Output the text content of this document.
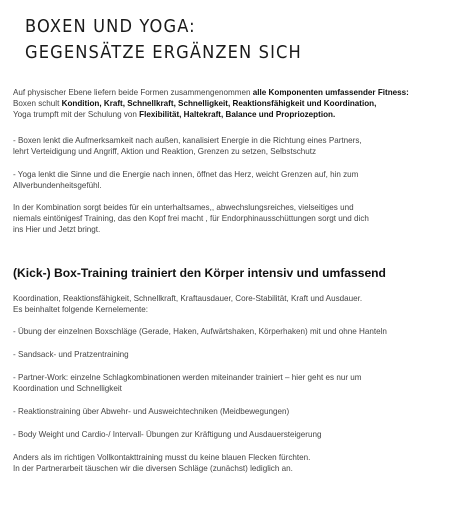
BOXEN UND YOGA:
GEGENSÄTZE ERGÄNZEN SICH
Auf physischer Ebene liefern beide Formen zusammengenommen alle Komponenten umfassender Fitness:
Boxen schult Kondition, Kraft, Schnellkraft, Schnelligkeit, Reaktionsfähigkeit und Koordination,
Yoga trumpft mit der Schulung von Flexibilität, Haltekraft, Balance und Propriozeption.
- Boxen lenkt die Aufmerksamkeit nach außen, kanalisiert Energie in die Richtung eines Partners,
lehrt Verteidigung und Angriff, Aktion und Reaktion, Grenzen zu setzen, Selbstschutz
- Yoga lenkt die Sinne und die Energie nach innen, öffnet das Herz, weicht Grenzen auf, hin zum
Allverbundenheitsgefühl.
In der Kombination sorgt beides für ein unterhaltsames,, abwechslungsreiches, vielseitiges und
niemals eintönigesf Training, das den Kopf frei macht , für Endorphinausschüttungen sorgt und dich
ins Hier und Jetzt bringt.
(Kick-) Box-Training trainiert den Körper intensiv und umfassend
Koordination, Reaktionsfähigkeit, Schnellkraft, Kraftausdauer, Core-Stabilität, Kraft und Ausdauer.
Es beinhaltet folgende Kernelemente:
- Übung der einzelnen Boxschläge (Gerade, Haken, Aufwärtshaken, Körperhaken) mit und ohne Hanteln
- Sandsack- und Pratzentraining
- Partner-Work: einzelne Schlagkombinationen werden miteinander trainiert – hier geht es nur um
Koordination und Schnelligkeit
- Reaktionstraining über Abwehr- und Ausweichtechniken (Meidbewegungen)
- Body Weight und Cardio-/ Intervall- Übungen zur Kräftigung und Ausdauersteigerung
Anders als im richtigen Vollkontakttraining musst du keine blauen Flecken fürchten.
In der Partnerarbeit täuschen wir die diversen Schläge (zunächst) lediglich an.
